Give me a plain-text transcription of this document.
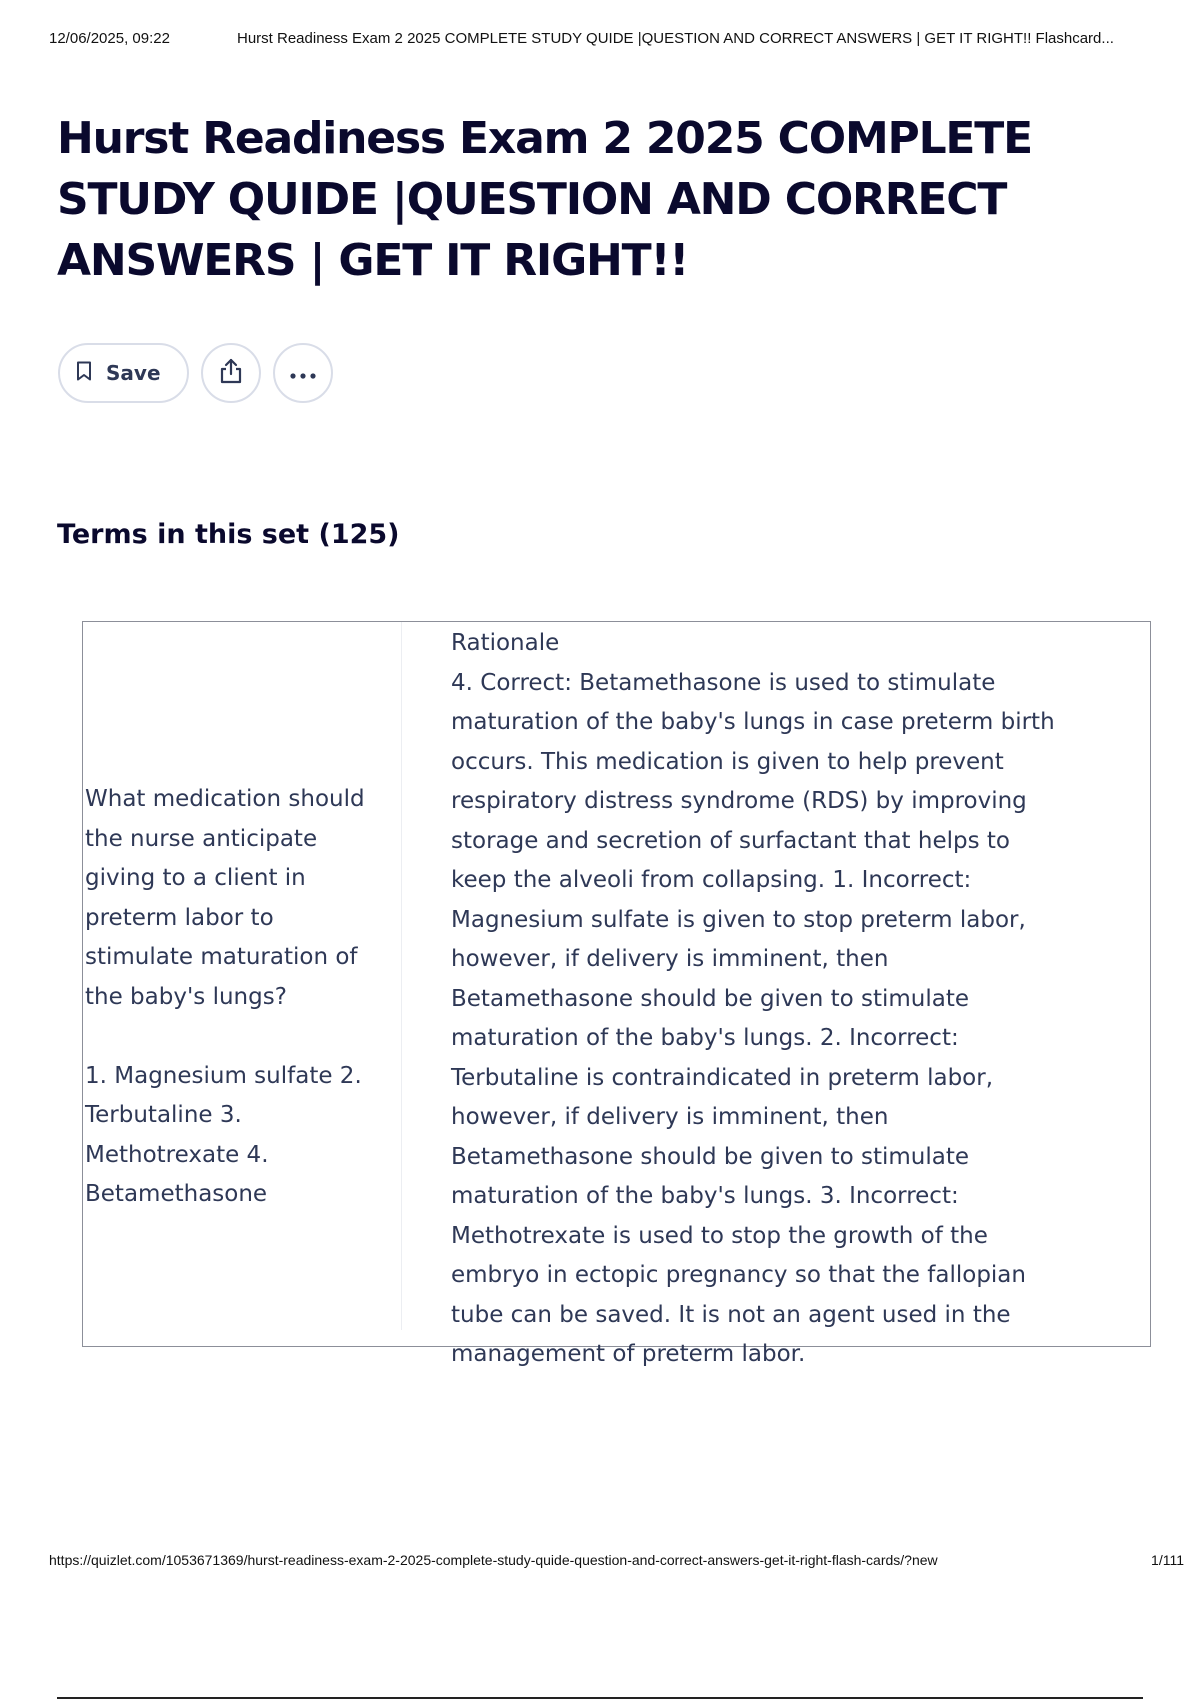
12/06/2025, 09:22	Hurst Readiness Exam 2 2025 COMPLETE STUDY QUIDE |QUESTION AND CORRECT ANSWERS | GET IT RIGHT!! Flashcard...
Hurst Readiness Exam 2 2025 COMPLETE STUDY QUIDE |QUESTION AND CORRECT ANSWERS | GET IT RIGHT!!
Save
Terms in this set (125)

What medication should the nurse anticipate giving to a client in preterm labor to stimulate maturation of the baby's lungs?

1. Magnesium sulfate 2. Terbutaline 3. Methotrexate 4. Betamethasone

Rationale

4. Correct: Betamethasone is used to stimulate maturation of the baby's lungs in case preterm birth occurs. This medication is given to help prevent respiratory distress syndrome (RDS) by improving storage and secretion of surfactant that helps to keep the alveoli from collapsing. 1. Incorrect: Magnesium sulfate is given to stop preterm labor, however, if delivery is imminent, then Betamethasone should be given to stimulate maturation of the baby's lungs. 2. Incorrect: Terbutaline is contraindicated in preterm labor, however, if delivery is imminent, then Betamethasone should be given to stimulate maturation of the baby's lungs. 3. Incorrect: Methotrexate is used to stop the growth of the embryo in ectopic pregnancy so that the fallopian tube can be saved. It is not an agent used in the management of preterm labor.

https://quizlet.com/1053671369/hurst-readiness-exam-2-2025-complete-study-quide-question-and-correct-answers-get-it-right-flash-cards/?new	1/111
